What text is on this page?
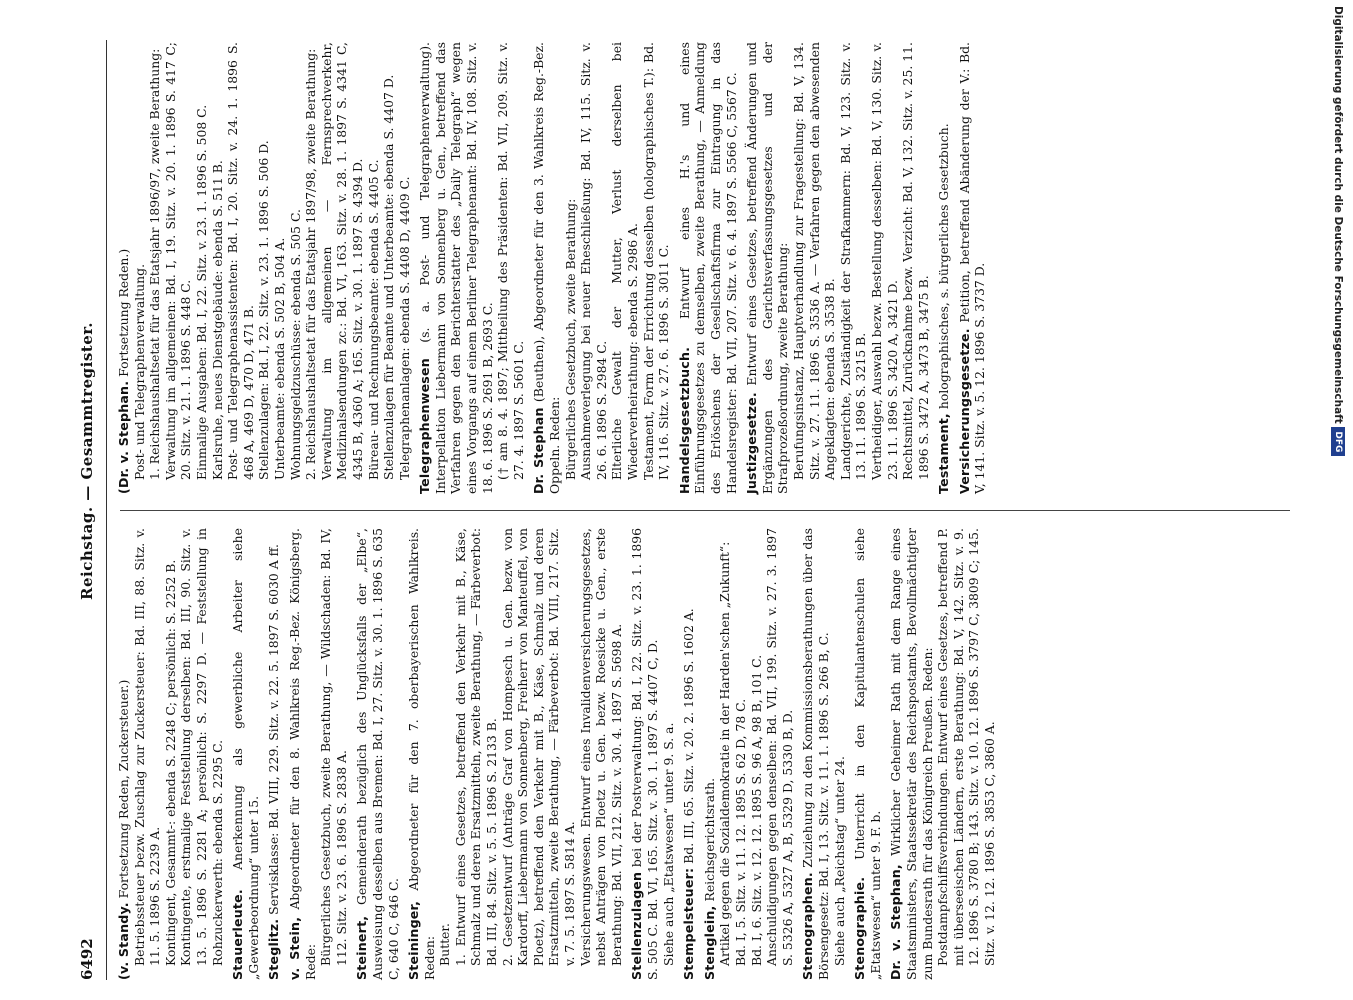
6492
Reichstag. — Gesammtregister.

(v. Standy. Fortsetzung Reden, Zuckersteuer.) Betriebssteuer bezw. Zuschlag zur Zuckersteuer: Bd. III, 88. Sitz. v. 11. 5. 1896 S. 2239 A. Kontingent, Gesammt-: ebenda S. 2248 C; persönlich: S. 2252 B. Kontingente, erstmalige Feststellung derselben: Bd. III, 90. Sitz. v. 13. 5. 1896 S. 2281 A; persönlich: S. 2297 D. — Feststellung in Rohzuckerwerth: ebenda S. 2295 C. Stauerleute. Anerkennung als gewerbliche Arbeiter siehe „Gewerbeordnung“ unter 15. Steglitz. Servisklasse: Bd. VIII, 229. Sitz. v. 22. 5. 1897 S. 6030 A ff.

v. Stein, Abgeordneter für den 8. Wahlkreis Reg.-Bez. Königsberg. Rede: Bürgerliches Gesetzbuch, zweite Berathung, — Wildschaden: Bd. IV, 112. Sitz. v. 23. 6. 1896 S. 2838 A. Steinert, Gemeinderath bezüglich des Unglücksfalls der „Elbe“, Ausweisung desselben aus Bremen: Bd. I, 27. Sitz. v. 30. 1. 1896 S. 635 C, 640 C, 646 C. Steininger, Abgeordneter für den 7. oberbayerischen Wahlkreis. Reden: Butter. 1. Entwurf eines Gesetzes, betreffend den Verkehr mit B., Käse, Schmalz und deren Ersatzmitteln, zweite Berathung, — Färbeverbot: Bd. III, 84. Sitz. v. 5. 5. 1896 S. 2133 B. 2. Gesetzentwurf (Anträge Graf von Hompesch u. Gen. bezw. von Kardorff, Liebermann von Sonnenberg, Freiherr von Manteuffel, von Ploetz), betreffend den Verkehr mit B., Käse, Schmalz und deren Ersatzmitteln, zweite Berathung, — Färbeverbot: Bd. VIII, 217. Sitz. v. 7. 5. 1897 S. 5814 A. Versicherungswesen. Entwurf eines Invalidenversicherungsgesetzes, nebst Anträgen von Ploetz u. Gen. bezw. Roesicke u. Gen., erste Berathung: Bd. VII, 212. Sitz. v. 30. 4. 1897 S. 5698 A. Stellenzulagen bei der Postverwaltung: Bd. I, 22. Sitz. v. 23. 1. 1896 S. 505 C. Bd. VI, 165. Sitz. v. 30. 1. 1897 S. 4407 C, D. Siehe auch „Etatswesen“ unter 9. S. a. Stempelsteuer: Bd. III, 65. Sitz. v. 20. 2. 1896 S. 1602 A.

Stenglein, Reichsgerichtsrath. Artikel gegen die Sozialdemokratie in der Harden'schen „Zukunft“: Bd. I, 5. Sitz. v. 11. 12. 1895 S. 62 D, 78 C. Bd. I, 6. Sitz. v. 12. 12. 1895 S. 96 A, 98 B, 101 C. Anschuldigungen gegen denselben: Bd. VII, 199. Sitz. v. 27. 3. 1897 S. 5326 A, 5327 A, B, 5329 D, 5330 B, D. Stenographen. Zuziehung zu den Kommissionsberathungen über das Börsengesetz: Bd. I, 13. Sitz. v. 11. 1. 1896 S. 266 B, C. Siehe auch „Reichstag“ unter 24. Stenographie. Unterricht in den Kapitulantenschulen siehe „Etatswesen“ unter 9. F. b. Dr. v. Stephan, Wirklicher Geheimer Rath mit dem Range eines Staatsministers, Staatssekretär des Reichspostamts, Bevollmächtigter zum Bundesrath für das Königreich Preußen. Reden: Postdampfschiffsverbindungen. Entwurf eines Gesetzes, betreffend P. mit überseeischen Ländern, erste Berathung: Bd. V, 142. Sitz. v. 9. 12. 1896 S. 3780 B; 143. Sitz. v. 10. 12. 1896 S. 3797 C, 3809 C; 145. Sitz. v. 12. 12. 1896 S. 3853 C, 3860 A.

(Dr. v. Stephan. Fortsetzung Reden.) Post- und Telegraphenverwaltung. 1. Reichshaushaltsetat für das Etatsjahr 1896/97, zweite Berathung: Verwaltung im allgemeinen: Bd. I, 19. Sitz. v. 20. 1. 1896 S. 417 C; 20. Sitz. v. 21. 1. 1896 S. 448 C. Einmalige Ausgaben: Bd. I, 22. Sitz. v. 23. 1. 1896 S. 508 C. Karlsruhe, neues Dienstgebäude: ebenda S. 511 B. Post- und Telegraphenassistenten: Bd. I, 20. Sitz. v. 24. 1. 1896 S. 468 A, 469 D, 470 D, 471 B. Stellenzulagen: Bd. I, 22. Sitz. v. 23. 1. 1896 S. 506 D. Unterbeamte: ebenda S. 502 B, 504 A. Wohnungsgeldzuschüsse: ebenda S. 505 C. 2. Reichshaushaltsetat für das Etatsjahr 1897/98, zweite Berathung: Verwaltung im allgemeinen — Fernsprechverkehr, Medizinalsendungen zc.: Bd. VI, 163. Sitz. v. 28. 1. 1897 S. 4341 C, 4345 B, 4360 A; 165. Sitz. v. 30. 1. 1897 S. 4394 D. Büreau- und Rechnungsbeamte: ebenda S. 4405 C. Stellenzulagen für Beamte und Unterbeamte: ebenda S. 4407 D. Telegraphenanlagen: ebenda S. 4408 D, 4409 C. Telegraphenwesen (s. a. Post- und Telegraphenverwaltung). Interpellation Liebermann von Sonnenberg u. Gen., betreffend das Verfahren gegen den Berichterstatter des „Daily Telegraph“ wegen eines Vorgangs auf einem Berliner Telegraphenamt: Bd. IV, 108. Sitz. v. 18. 6. 1896 S. 2691 B, 2693 C. († am 8. 4. 1897; Mittheilung des Präsidenten: Bd. VII, 209. Sitz. v. 27. 4. 1897 S. 5601 C. Dr. Stephan (Beuthen), Abgeordneter für den 3. Wahlkreis Reg.-Bez. Oppeln. Reden: Bürgerliches Gesetzbuch, zweite Berathung: Ausnahmeverlegung bei neuer Eheschließung: Bd. IV, 115. Sitz. v. 26. 6. 1896 S. 2984 C. Elterliche Gewalt der Mutter, Verlust derselben bei Wiederverheirathung: ebenda S. 2986 A. Testament, Form der Errichtung desselben (holographisches T.): Bd. IV, 116. Sitz. v. 27. 6. 1896 S. 3011 C. Handelsgesetzbuch. Entwurf eines H.'s und eines Einführungsgesetzes zu demselben, zweite Berathung, — Anmeldung des Erlöschens der Gesellschaftsfirma zur Eintragung in das Handelsregister: Bd. VII, 207. Sitz. v. 6. 4. 1897 S. 5566 C, 5567 C. Justizgesetze. Entwurf eines Gesetzes, betreffend Änderungen und Ergänzungen des Gerichtsverfassungsgesetzes und der Strafprozeßordnung, zweite Berathung: Berufungsinstanz, Hauptverhandlung zur Fragestellung: Bd. V, 134. Sitz. v. 27. 11. 1896 S. 3536 A. — Verfahren gegen den abwesenden Angeklagten: ebenda S. 3538 B. Landgerichte, Zuständigkeit der Strafkammern: Bd. V, 123. Sitz. v. 13. 11. 1896 S. 3215 B. Vertheidiger, Auswahl bezw. Bestellung desselben: Bd. V, 130. Sitz. v. 23. 11. 1896 S. 3420 A, 3421 D. Rechtsmittel, Zurücknahme bezw. Verzicht: Bd. V, 132. Sitz. v. 25. 11. 1896 S. 3472 A, 3473 B, 3475 B. Testament, holographisches, s. bürgerliches Gesetzbuch.

Versicherungsgesetze. Petition, betreffend Abänderung der V.: Bd. V, 141. Sitz. v. 5. 12. 1896 S. 3737 D.	Digitalisierung gefördert durch die Deutsche Forschungsgemeinschaft DFG
